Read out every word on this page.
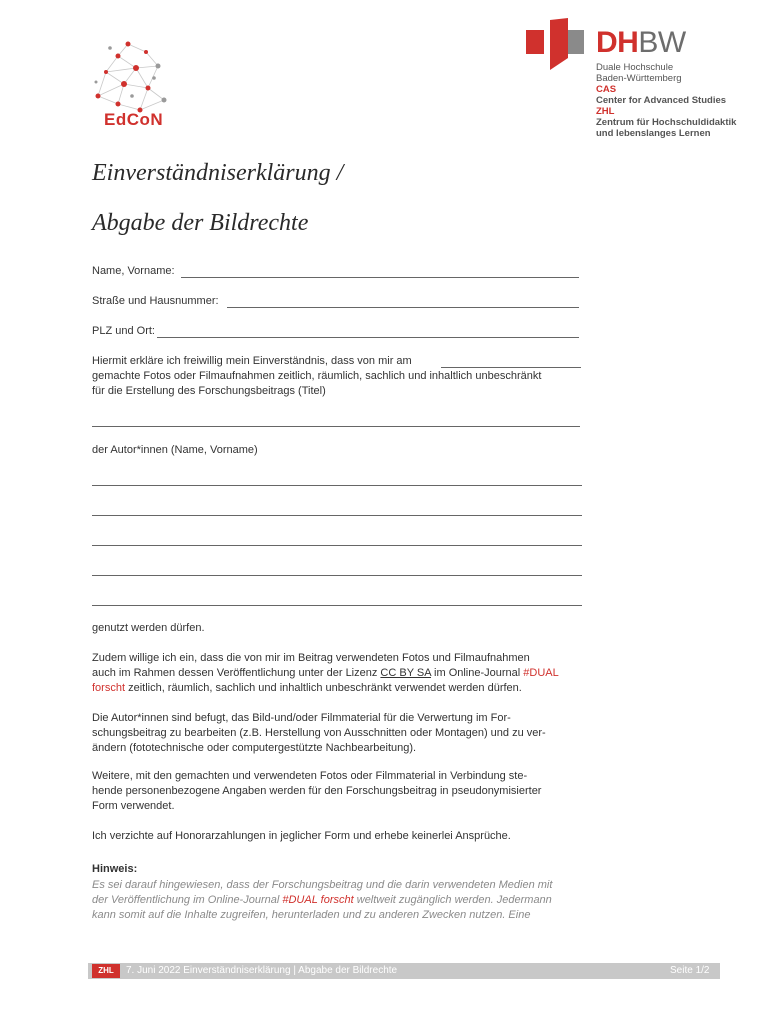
EdCoN
DHBW
Duale Hochschule
Baden-Württemberg
CAS
Center for Advanced Studies
ZHL
Zentrum für Hochschuldidaktik
und lebenslanges Lernen
Einverständniserklärung /
Abgabe der Bildrechte
Name, Vorname:
Straße und Hausnummer:
PLZ und Ort:
Hiermit erkläre ich freiwillig mein Einverständnis, dass von mir am
gemachte Fotos oder Filmaufnahmen zeitlich, räumlich, sachlich und inhaltlich unbeschränkt
für die Erstellung des Forschungsbeitrags (Titel)
der Autor*innen (Name, Vorname)
genutzt werden dürfen.
Zudem willige ich ein, dass die von mir im Beitrag verwendeten Fotos und Filmaufnahmen
auch im Rahmen dessen Veröffentlichung unter der Lizenz CC BY SA im Online-Journal #DUAL
forscht zeitlich, räumlich, sachlich und inhaltlich unbeschränkt verwendet werden dürfen.
Die Autor*innen sind befugt, das Bild-und/oder Filmmaterial für die Verwertung im For-
schungsbeitrag zu bearbeiten (z.B. Herstellung von Ausschnitten oder Montagen) und zu ver-
ändern (fototechnische oder computergestützte Nachbearbeitung).
Weitere, mit den gemachten und verwendeten Fotos oder Filmmaterial in Verbindung ste-
hende personenbezogene Angaben werden für den Forschungsbeitrag in pseudonymisierter
Form verwendet.
Ich verzichte auf Honorarzahlungen in jeglicher Form und erhebe keinerlei Ansprüche.
Hinweis:
Es sei darauf hingewiesen, dass der Forschungsbeitrag und die darin verwendeten Medien mit
der Veröffentlichung im Online-Journal #DUAL forscht weltweit zugänglich werden. Jedermann
kann somit auf die Inhalte zugreifen, herunterladen und zu anderen Zwecken nutzen. Eine
ZHL	7. Juni 2022 Einverständniserklärung | Abgabe der Bildrechte	Seite 1/2
